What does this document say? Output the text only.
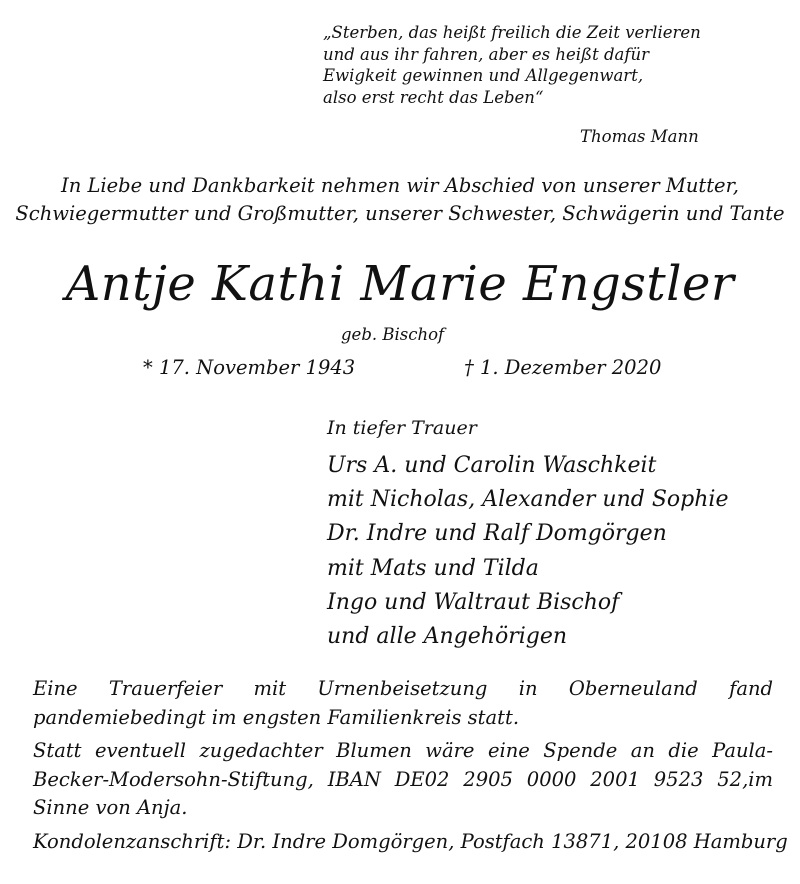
„Sterben, das heißt freilich die Zeit verlieren
und aus ihr fahren, aber es heißt dafür
Ewigkeit gewinnen und Allgegenwart,
also erst recht das Leben“
Thomas Mann
In Liebe und Dankbarkeit nehmen wir Abschied von unserer Mutter,
Schwiegermutter und Großmutter, unserer Schwester, Schwägerin und Tante
Antje Kathi Marie Engstler
geb. Bischof
* 17. November 1943	† 1. Dezember 2020
In tiefer Trauer
Urs A. und Carolin Waschkeit
mit Nicholas, Alexander und Sophie
Dr. Indre und Ralf Domgörgen
mit Mats und Tilda
Ingo und Waltraut Bischof
und alle Angehörigen
Eine Trauerfeier mit Urnenbeisetzung in Oberneuland fand pandemiebedingt im engsten Familienkreis statt.
Statt eventuell zugedachter Blumen wäre eine Spende an die Paula-Becker-Modersohn-Stiftung, IBAN DE02 2905 0000 2001 9523 52,im Sinne von Anja.
Kondolenzanschrift: Dr. Indre Domgörgen, Postfach 13871, 20108 Hamburg
